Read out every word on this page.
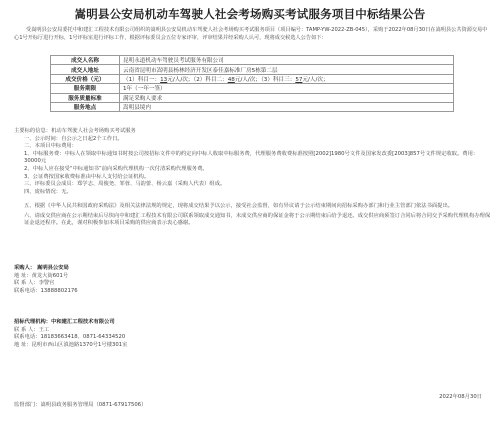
嵩明县公安局机动车驾驶人社会考场购买考试服务项目中标结果公告
受嵩明县公安局委托中和建汇工程技术有限公司组织的嵩明县公安局机动车驾驶人社会考场购买考试服务项目（项目编号：TAMP-YW-2022-ZB-045），采购于2022年08月30日在嵩明县公共资源交易中心1号开标厅进行开标，1号评标室进行评标工作，根据评标委员会五位专家评审，评审结果并经采购人认可，现将成交候选人公告如下：
成交人名称	昆明永道机动车驾驶员考试服务有限公司
成交人地址	云南省昆明市嵩明县杨林经济开发区泰佳嘉标准厂房5栋第二层
成交价格（元）	（1）科目一：13元/人/次；（2）科目二：48元/人/次；（3）科目三：57元/人/次；
服务期限	1年（一年一签）
服务质量标准	满足采购人要求
服务地点	嵩明县境内

主要标的信息：机动车驾驶人社会考场购买考试服务

一、公示时间：自公示之日起2个工作日。

二、本项目中标费用：

1、中标服务费：中标人在领取中标通知书时按公司按招标文件中的约定向中标人收取中标服务费，代理服务费收费标准按照[2002]1980号文件及国家发改委[2003]857号文件规定收取。费用：30000元

2、中标人应在接受“中标通知书”前向采购代理机构一次付清采购代理服务费。

3、公证费按国家收费标准由中标人支付给公证机构。

三、评标委员会成员：郑学志、周俊尧、邹蓉、马韵蕾、杨云嘉（采购人代表）组成。

四、废标情况：无。

五、根据《中华人民共和国政府采购法》及相关法律法规的规定，现将成交结果予以公示，接受社会监督，如有异议请于公示结束期间向招标采购办部门和行业主管部门依法书面提出。

六、请成交供应商在公示期结束后尽快向中和建汇工程技术有限公司联系领取成交通知书，未成交供应商的保证金将于公示期结束后给予退还。成交供应商须签订合同后将合同交予采购代理机构办理保证金退还程序。在此，谨对积极参加本项目采购的供应商表示衷心感谢。

采购人： 嵩明县公安局

地 址：黄龙大街601号

联 系 人：李警官

联系电话：13888802176

招标代理机构：中和建汇工程技术有限公司

联 系 人：王工

联系电话：18183663418、0871-64334520

地 址：昆明市西山区滇池路1370号1号楼301室

2022年08月30日

监督部门：嵩明县政务服务管理局（0871-67917506）
